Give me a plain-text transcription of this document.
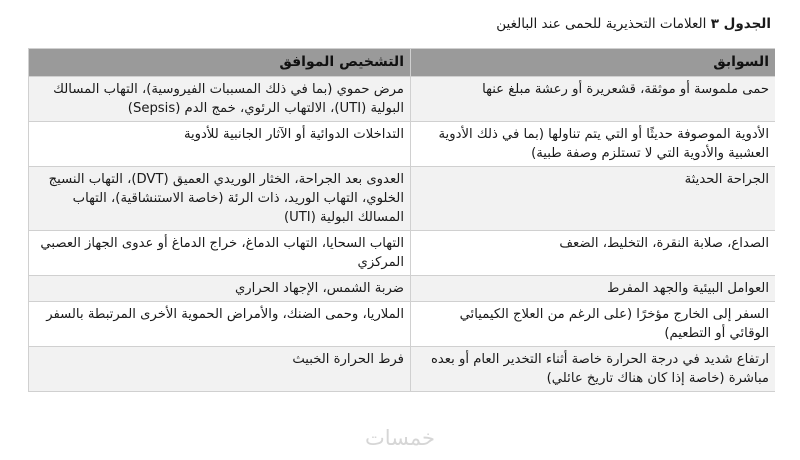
الجدول ٣ العلامات التحذيرية للحمى عند البالغين
السوابق	التشخيص الموافق
حمى ملموسة أو موثقة، قشعريرة أو رعشة مبلغ عنها	مرض حموي (بما في ذلك المسببات الفيروسية)، التهاب المسالك البولية (UTI)، الالتهاب الرئوي، خمج الدم (Sepsis)
الأدوية الموصوفة حديثًا أو التي يتم تناولها (بما في ذلك الأدوية العشبية والأدوية التي لا تستلزم وصفة طبية)	التداخلات الدوائية أو الآثار الجانبية للأدوية
الجراحة الحديثة	العدوى بعد الجراحة، الخثار الوريدي العميق (DVT)، التهاب النسيج الخلوي، التهاب الوريد، ذات الرئة (خاصة الاستنشاقية)، التهاب المسالك البولية (UTI)
الصداع، صلابة النقرة، التخليط، الضعف	التهاب السحايا، التهاب الدماغ، خراج الدماغ أو عدوى الجهاز العصبي المركزي
العوامل البيئية والجهد المفرط	ضربة الشمس، الإجهاد الحراري
السفر إلى الخارج مؤخرًا (على الرغم من العلاج الكيميائي الوقائي أو التطعيم)	الملاريا، وحمى الضنك، والأمراض الحموية الأخرى المرتبطة بالسفر
ارتفاع شديد في درجة الحرارة خاصة أثناء التخدير العام أو بعده مباشرة (خاصة إذا كان هناك تاريخ عائلي)	فرط الحرارة الخبيث
خمسات
